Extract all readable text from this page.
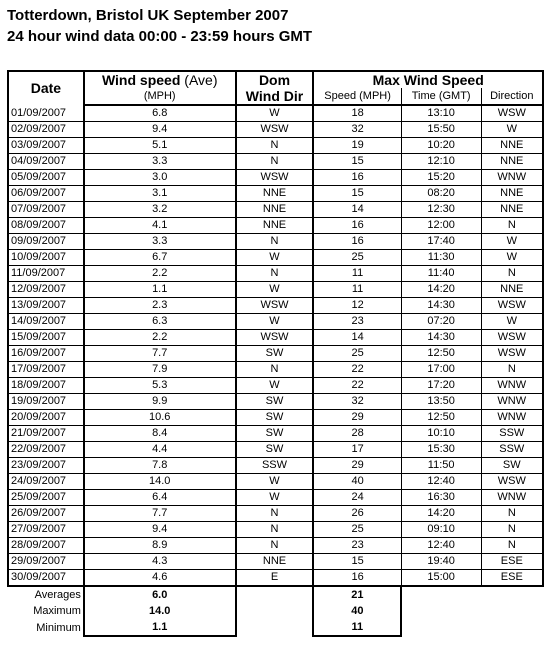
Totterdown, Bristol UK September 2007
24 hour wind data 00:00 - 23:59 hours GMT
Date	Wind speed (Ave)	Dom	Max Wind Speed		
	(MPH)	Wind Dir	Speed (MPH)	Time (GMT)	Direction
01/09/2007	6.8	W	18	13:10	WSW
02/09/2007	9.4	WSW	32	15:50	W
03/09/2007	5.1	N	19	10:20	NNE
04/09/2007	3.3	N	15	12:10	NNE
05/09/2007	3.0	WSW	16	15:20	WNW
06/09/2007	3.1	NNE	15	08:20	NNE
07/09/2007	3.2	NNE	14	12:30	NNE
08/09/2007	4.1	NNE	16	12:00	N
09/09/2007	3.3	N	16	17:40	W
10/09/2007	6.7	W	25	11:30	W
11/09/2007	2.2	N	11	11:40	N
12/09/2007	1.1	W	11	14:20	NNE
13/09/2007	2.3	WSW	12	14:30	WSW
14/09/2007	6.3	W	23	07:20	W
15/09/2007	2.2	WSW	14	14:30	WSW
16/09/2007	7.7	SW	25	12:50	WSW
17/09/2007	7.9	N	22	17:00	N
18/09/2007	5.3	W	22	17:20	WNW
19/09/2007	9.9	SW	32	13:50	WNW
20/09/2007	10.6	SW	29	12:50	WNW
21/09/2007	8.4	SW	28	10:10	SSW
22/09/2007	4.4	SW	17	15:30	SSW
23/09/2007	7.8	SSW	29	11:50	SW
24/09/2007	14.0	W	40	12:40	WSW
25/09/2007	6.4	W	24	16:30	WNW
26/09/2007	7.7	N	26	14:20	N
27/09/2007	9.4	N	25	09:10	N
28/09/2007	8.9	N	23	12:40	N
29/09/2007	4.3	NNE	15	19:40	ESE
30/09/2007	4.6	E	16	15:00	ESE
Averages	6.0		21		
Maximum	14.0		40		
Minimum	1.1		11		
